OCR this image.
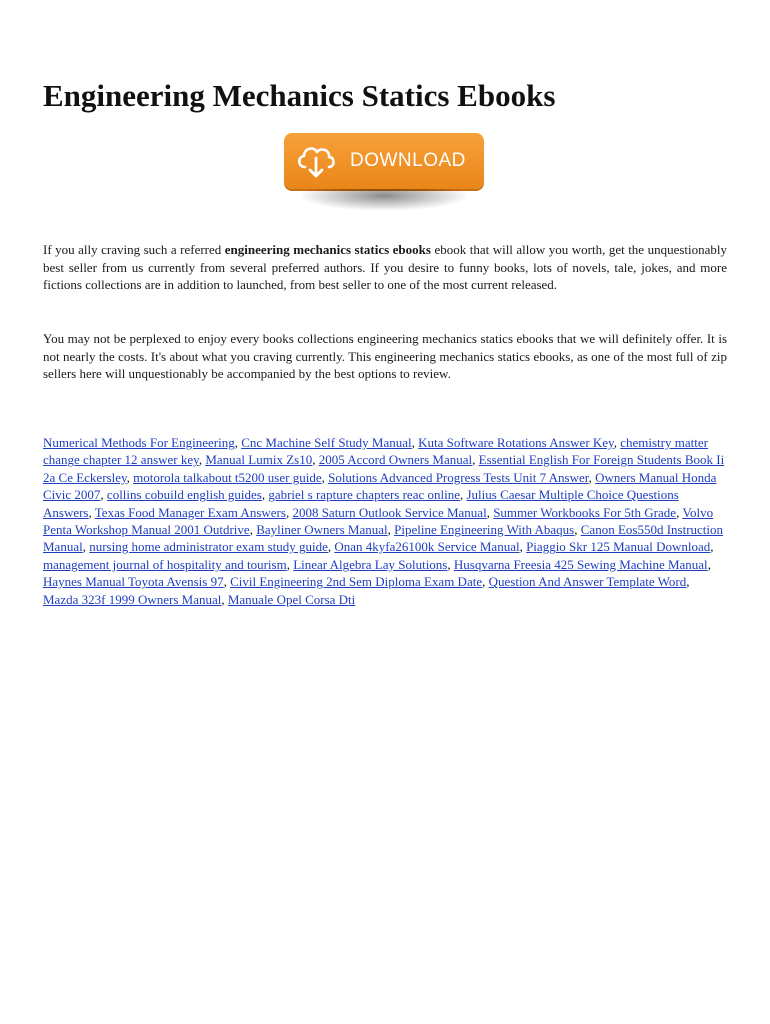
Engineering Mechanics Statics Ebooks
DOWNLOAD

If you ally craving such a referred engineering mechanics statics ebooks ebook that will allow you worth, get the unquestionably best seller from us currently from several preferred authors. If you desire to funny books, lots of novels, tale, jokes, and more fictions collections are in addition to launched, from best seller to one of the most current released.

You may not be perplexed to enjoy every books collections engineering mechanics statics ebooks that we will definitely offer. It is not nearly the costs. It's about what you craving currently. This engineering mechanics statics ebooks, as one of the most full of zip sellers here will unquestionably be accompanied by the best options to review.

Numerical Methods For Engineering, Cnc Machine Self Study Manual, Kuta Software Rotations Answer Key, chemistry matter change chapter 12 answer key, Manual Lumix Zs10, 2005 Accord Owners Manual, Essential English For Foreign Students Book Ii 2a Ce Eckersley, motorola talkabout t5200 user guide, Solutions Advanced Progress Tests Unit 7 Answer, Owners Manual Honda Civic 2007, collins cobuild english guides, gabriel s rapture chapters reac online, Julius Caesar Multiple Choice Questions Answers, Texas Food Manager Exam Answers, 2008 Saturn Outlook Service Manual, Summer Workbooks For 5th Grade, Volvo Penta Workshop Manual 2001 Outdrive, Bayliner Owners Manual, Pipeline Engineering With Abaqus, Canon Eos550d Instruction Manual, nursing home administrator exam study guide, Onan 4kyfa26100k Service Manual, Piaggio Skr 125 Manual Download, management journal of hospitality and tourism, Linear Algebra Lay Solutions, Husqvarna Freesia 425 Sewing Machine Manual, Haynes Manual Toyota Avensis 97, Civil Engineering 2nd Sem Diploma Exam Date, Question And Answer Template Word, Mazda 323f 1999 Owners Manual, Manuale Opel Corsa Dti
